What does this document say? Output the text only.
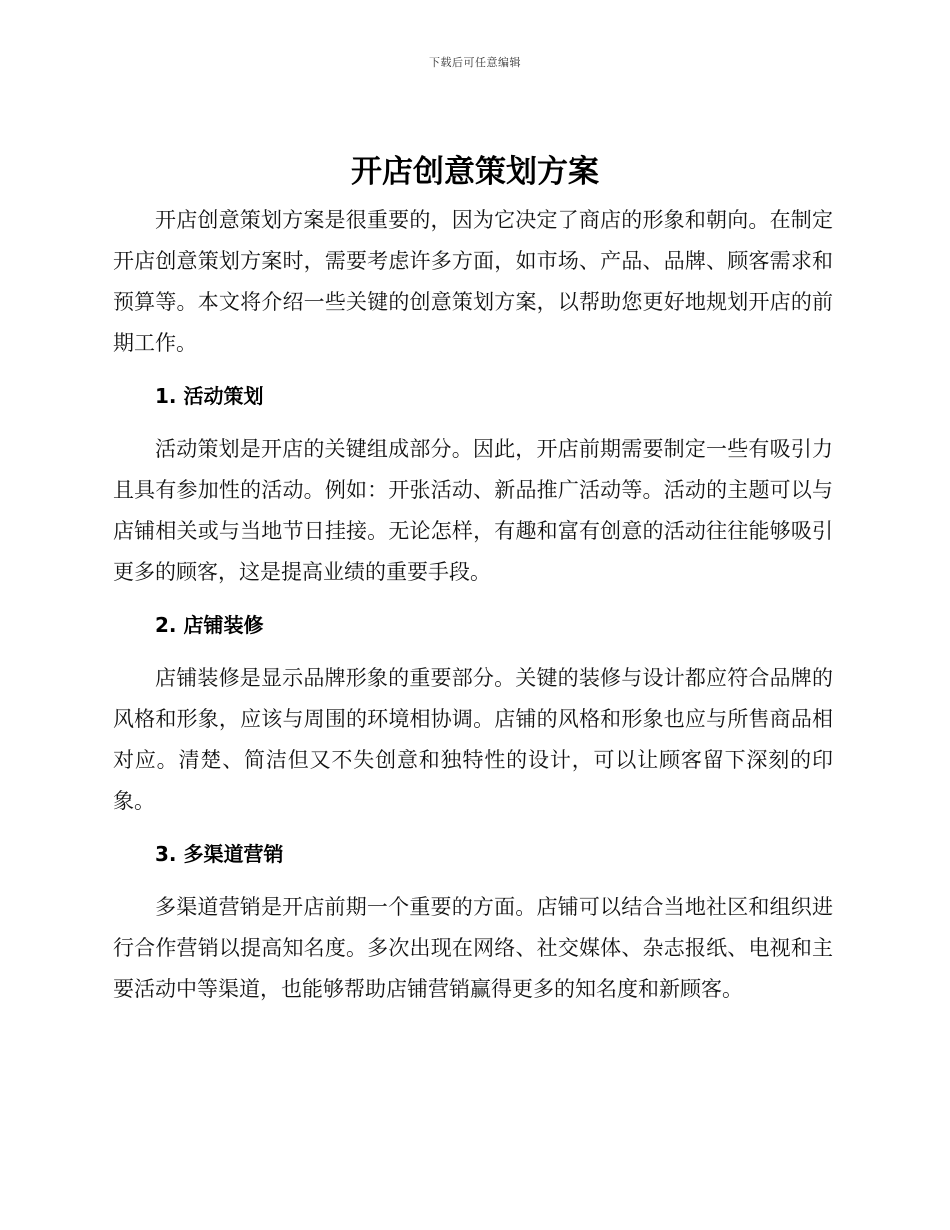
下载后可任意编辑
开店创意策划方案

开店创意策划方案是很重要的，因为它决定了商店的形象和朝向。在制定开店创意策划方案时，需要考虑许多方面，如市场、产品、品牌、顾客需求和预算等。本文将介绍一些关键的创意策划方案，以帮助您更好地规划开店的前期工作。

1. 活动策划

活动策划是开店的关键组成部分。因此，开店前期需要制定一些有吸引力且具有参加性的活动。例如：开张活动、新品推广活动等。活动的主题可以与店铺相关或与当地节日挂接。无论怎样，有趣和富有创意的活动往往能够吸引更多的顾客，这是提高业绩的重要手段。

2. 店铺装修

店铺装修是显示品牌形象的重要部分。关键的装修与设计都应符合品牌的风格和形象，应该与周围的环境相协调。店铺的风格和形象也应与所售商品相对应。清楚、简洁但又不失创意和独特性的设计，可以让顾客留下深刻的印象。

3. 多渠道营销

多渠道营销是开店前期一个重要的方面。店铺可以结合当地社区和组织进行合作营销以提高知名度。多次出现在网络、社交媒体、杂志报纸、电视和主要活动中等渠道，也能够帮助店铺营销赢得更多的知名度和新顾客。
